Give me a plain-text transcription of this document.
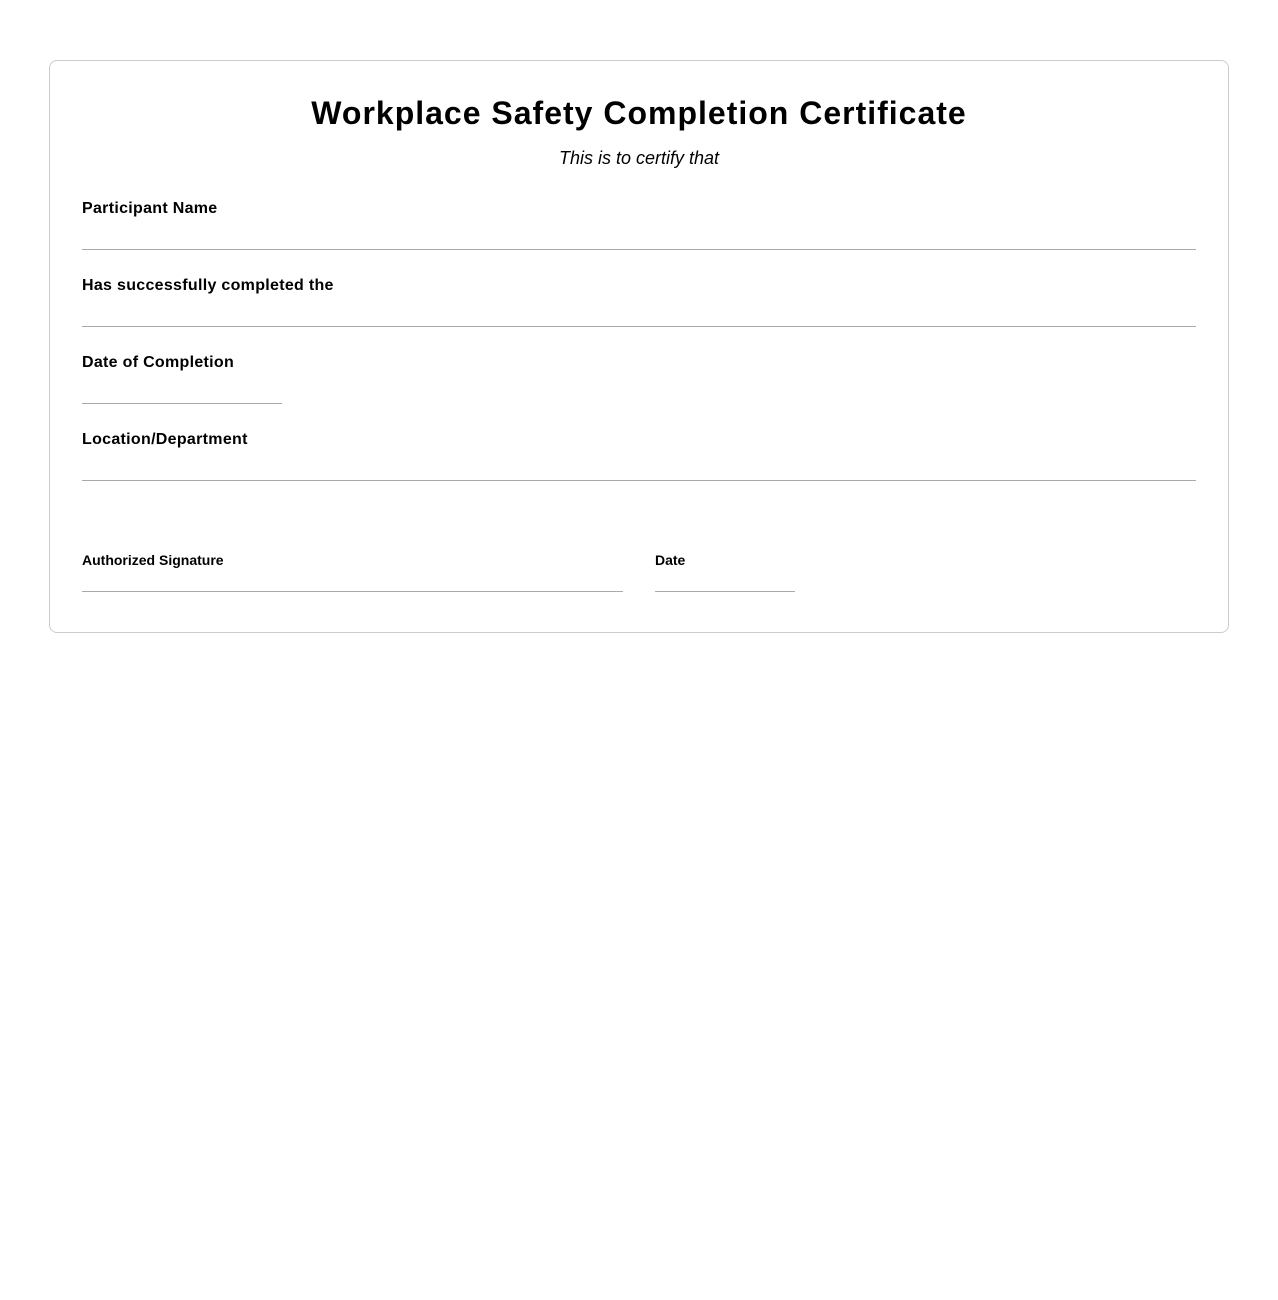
Workplace Safety Completion Certificate

This is to certify that

Participant Name
Has successfully completed the
Date of Completion
Location/Department
Authorized Signature	Date
